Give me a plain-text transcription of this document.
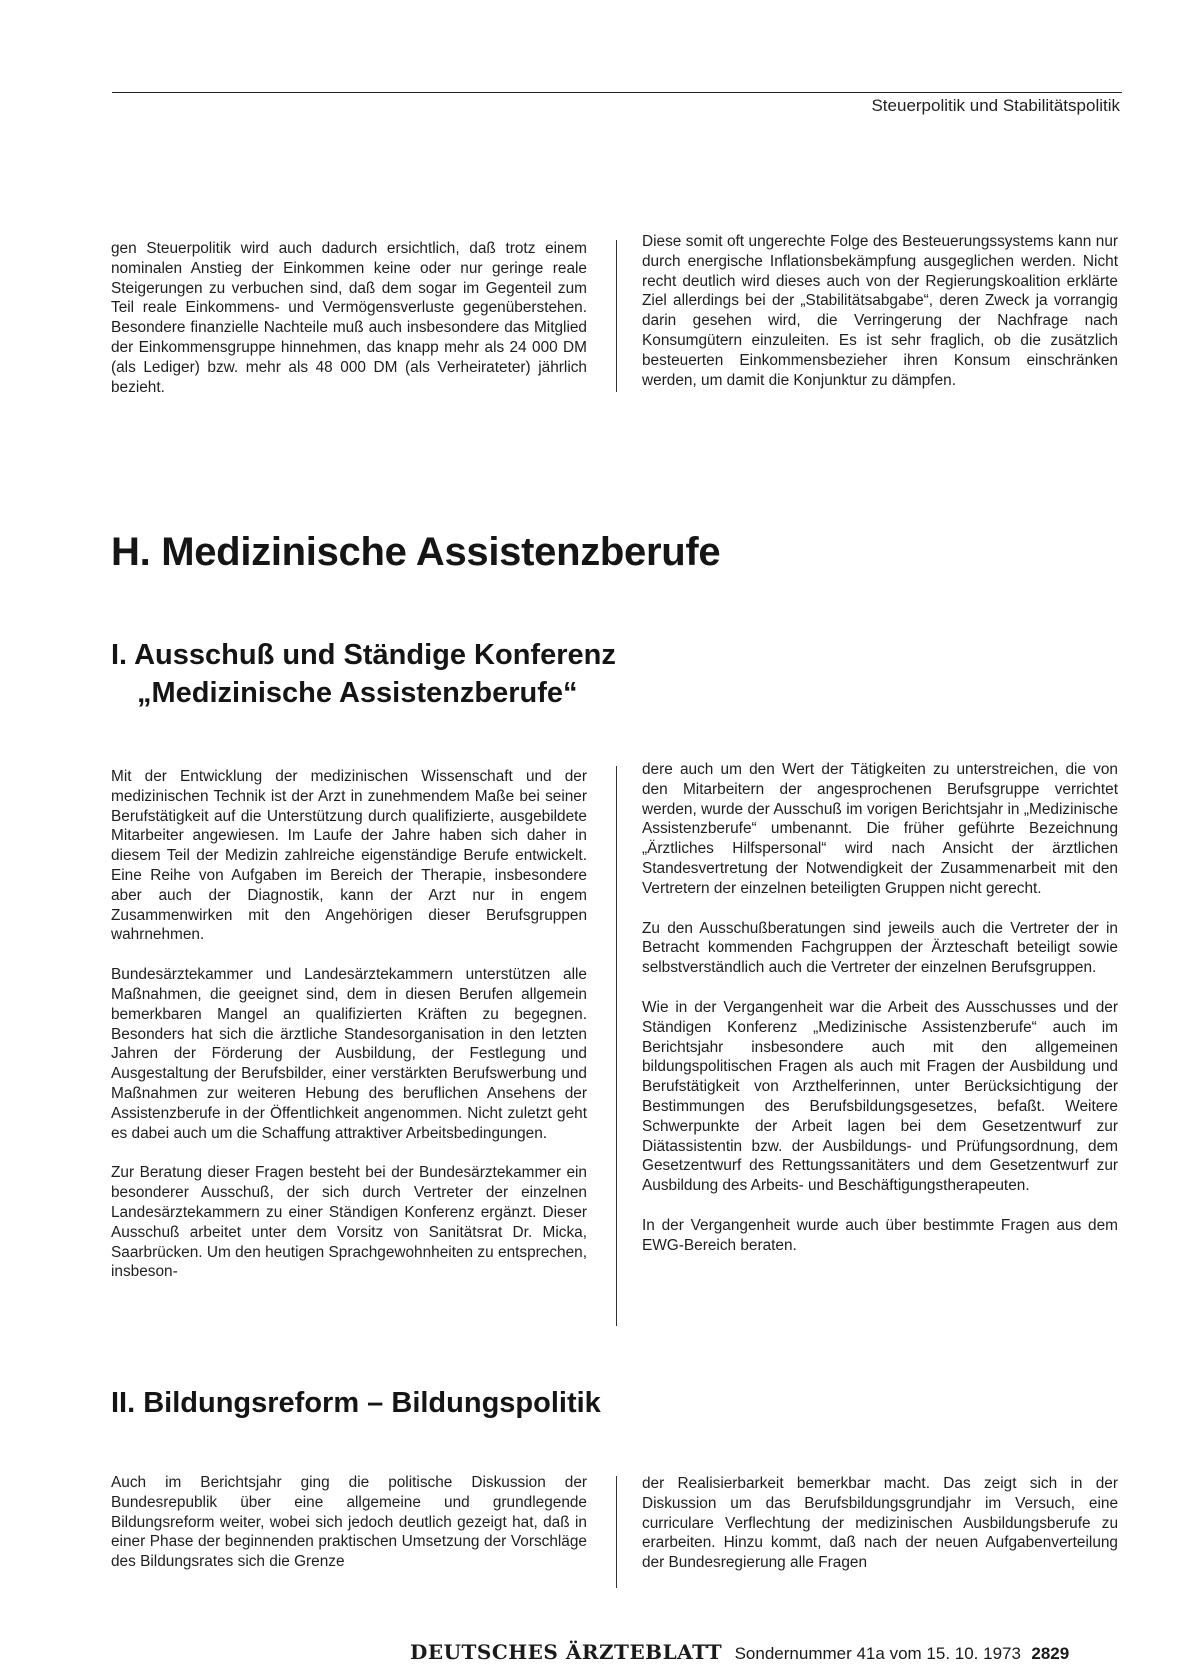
Steuerpolitik und Stabilitätspolitik

gen Steuerpolitik wird auch dadurch ersichtlich, daß trotz einem nominalen Anstieg der Einkommen keine oder nur geringe reale Steigerungen zu verbuchen sind, daß dem sogar im Gegenteil zum Teil reale Einkommens- und Vermögensverluste gegenüberstehen. Besondere finanzielle Nachteile muß auch insbesondere das Mitglied der Einkommensgruppe hinnehmen, das knapp mehr als 24 000 DM (als Lediger) bzw. mehr als 48 000 DM (als Verheirateter) jährlich bezieht.

Diese somit oft ungerechte Folge des Besteuerungssystems kann nur durch energische Inflationsbekämpfung ausgeglichen werden. Nicht recht deutlich wird dieses auch von der Regierungskoalition erklärte Ziel allerdings bei der „Stabilitätsabgabe“, deren Zweck ja vorrangig darin gesehen wird, die Verringerung der Nachfrage nach Konsumgütern einzuleiten. Es ist sehr fraglich, ob die zusätzlich besteuerten Einkommensbezieher ihren Konsum einschränken werden, um damit die Konjunktur zu dämpfen.

H. Medizinische Assistenzberufe
I. Ausschuß und Ständige Konferenz
„Medizinische Assistenzberufe“

Mit der Entwicklung der medizinischen Wissenschaft und der medizinischen Technik ist der Arzt in zunehmendem Maße bei seiner Berufstätigkeit auf die Unterstützung durch qualifizierte, ausgebildete Mitarbeiter angewiesen. Im Laufe der Jahre haben sich daher in diesem Teil der Medizin zahlreiche eigenständige Berufe entwickelt. Eine Reihe von Aufgaben im Bereich der Therapie, insbesondere aber auch der Diagnostik, kann der Arzt nur in engem Zusammenwirken mit den Angehörigen dieser Berufsgruppen wahrnehmen.

Bundesärztekammer und Landesärztekammern unterstützen alle Maßnahmen, die geeignet sind, dem in diesen Berufen allgemein bemerkbaren Mangel an qualifizierten Kräften zu begegnen. Besonders hat sich die ärztliche Standesorganisation in den letzten Jahren der Förderung der Ausbildung, der Festlegung und Ausgestaltung der Berufsbilder, einer verstärkten Berufswerbung und Maßnahmen zur weiteren Hebung des beruflichen Ansehens der Assistenzberufe in der Öffentlichkeit angenommen. Nicht zuletzt geht es dabei auch um die Schaffung attraktiver Arbeitsbedingungen.

Zur Beratung dieser Fragen besteht bei der Bundesärztekammer ein besonderer Ausschuß, der sich durch Vertreter der einzelnen Landesärztekammern zu einer Ständigen Konferenz ergänzt. Dieser Ausschuß arbeitet unter dem Vorsitz von Sanitätsrat Dr. Micka, Saarbrücken. Um den heutigen Sprachgewohnheiten zu entsprechen, insbeson-

dere auch um den Wert der Tätigkeiten zu unterstreichen, die von den Mitarbeitern der angesprochenen Berufsgruppe verrichtet werden, wurde der Ausschuß im vorigen Berichtsjahr in „Medizinische Assistenzberufe“ umbenannt. Die früher geführte Bezeichnung „Ärztliches Hilfspersonal“ wird nach Ansicht der ärztlichen Standesvertretung der Notwendigkeit der Zusammenarbeit mit den Vertretern der einzelnen beteiligten Gruppen nicht gerecht.

Zu den Ausschußberatungen sind jeweils auch die Vertreter der in Betracht kommenden Fachgruppen der Ärzteschaft beteiligt sowie selbstverständlich auch die Vertreter der einzelnen Berufsgruppen.

Wie in der Vergangenheit war die Arbeit des Ausschusses und der Ständigen Konferenz „Medizinische Assistenzberufe“ auch im Berichtsjahr insbesondere auch mit den allgemeinen bildungspolitischen Fragen als auch mit Fragen der Ausbildung und Berufstätigkeit von Arzthelferinnen, unter Berücksichtigung der Bestimmungen des Berufsbildungsgesetzes, befaßt. Weitere Schwerpunkte der Arbeit lagen bei dem Gesetzentwurf zur Diätassistentin bzw. der Ausbildungs- und Prüfungsordnung, dem Gesetzentwurf des Rettungssanitäters und dem Gesetzentwurf zur Ausbildung des Arbeits- und Beschäftigungstherapeuten.

In der Vergangenheit wurde auch über bestimmte Fragen aus dem EWG-Bereich beraten.

II. Bildungsreform – Bildungspolitik

Auch im Berichtsjahr ging die politische Diskussion der Bundesrepublik über eine allgemeine und grundlegende Bildungsreform weiter, wobei sich jedoch deutlich gezeigt hat, daß in einer Phase der beginnenden praktischen Umsetzung der Vorschläge des Bildungsrates sich die Grenze

der Realisierbarkeit bemerkbar macht. Das zeigt sich in der Diskussion um das Berufsbildungsgrundjahr im Versuch, eine curriculare Verflechtung der medizinischen Ausbildungsberufe zu erarbeiten. Hinzu kommt, daß nach der neuen Aufgabenverteilung der Bundesregierung alle Fragen

DEUTSCHES ÄRZTEBLATT Sondernummer 41a vom 15. 10. 1973 2829
